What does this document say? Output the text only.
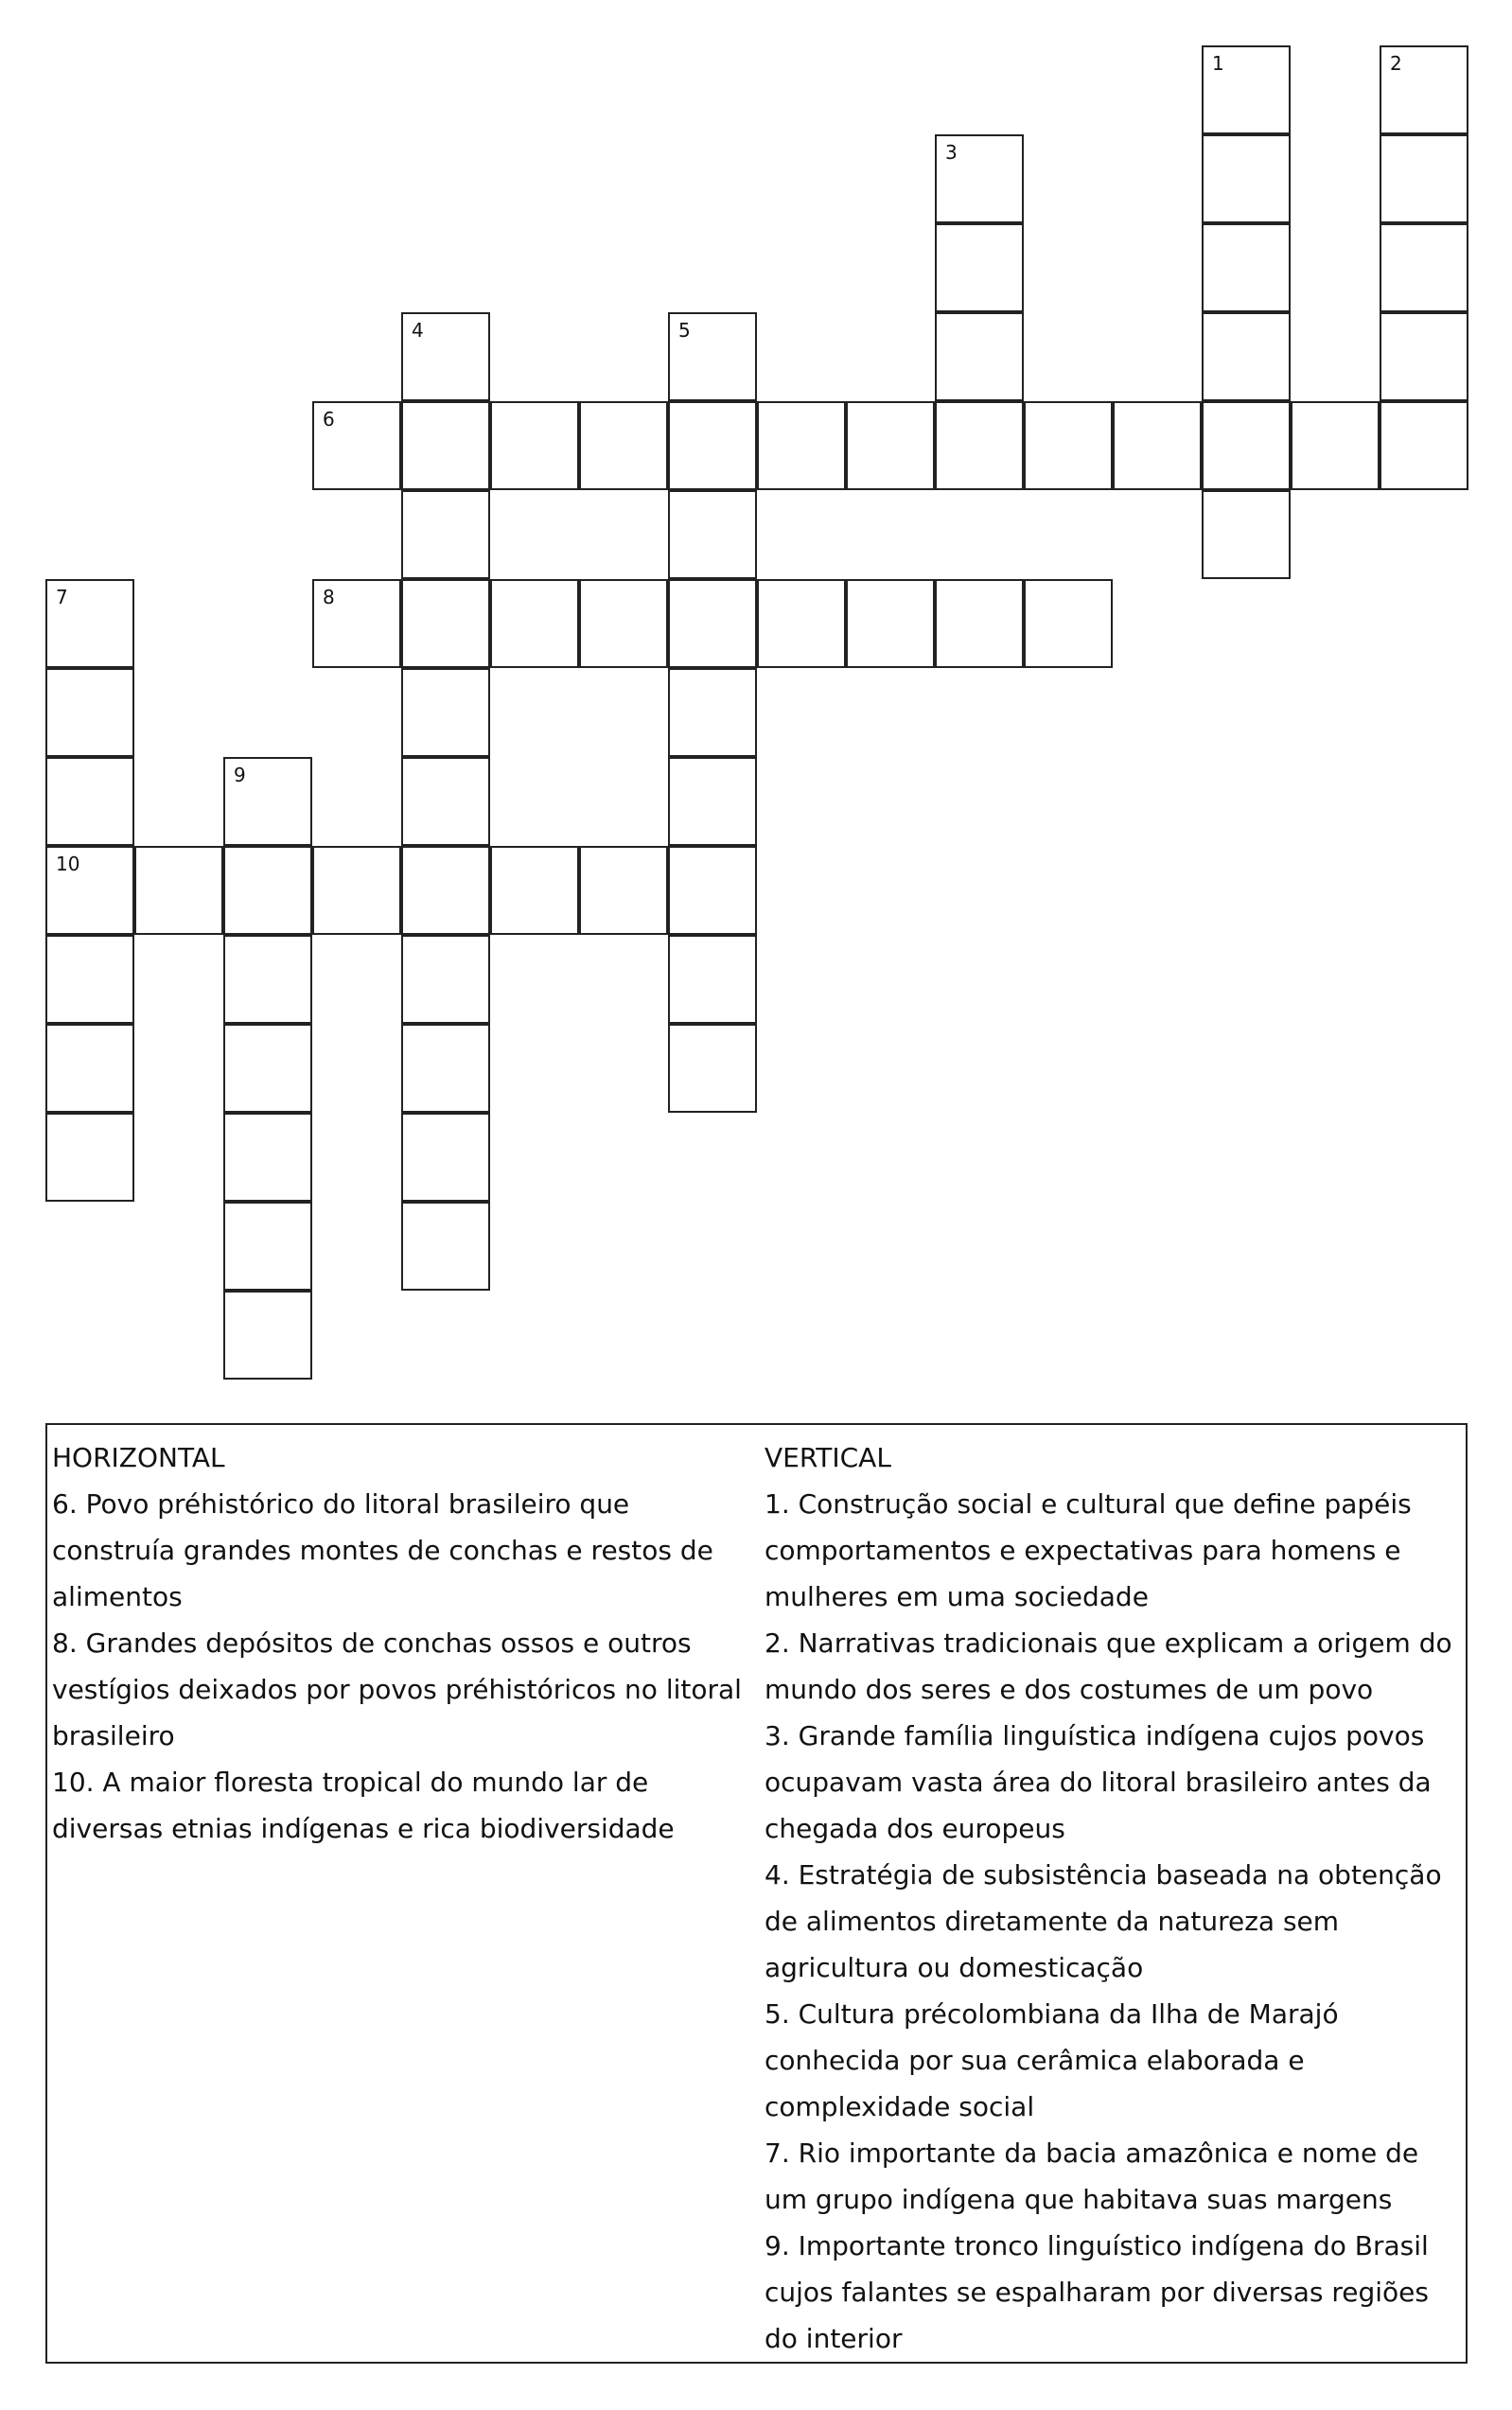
1	2
3
4	5
6
7
10
8
9
HORIZONTAL
6. Povo préhistórico do litoral brasileiro que construía grandes montes de conchas e restos de alimentos
8. Grandes depósitos de conchas ossos e outros vestígios deixados por povos préhistóricos no litoral brasileiro
10. A maior floresta tropical do mundo lar de diversas etnias indígenas e rica biodiversidade
VERTICAL
1. Construção social e cultural que define papéis comportamentos e expectativas para homens e mulheres em uma sociedade
2. Narrativas tradicionais que explicam a origem do mundo dos seres e dos costumes de um povo
3. Grande família linguística indígena cujos povos ocupavam vasta área do litoral brasileiro antes da chegada dos europeus
4. Estratégia de subsistência baseada na obtenção de alimentos diretamente da natureza sem agricultura ou domesticação
5. Cultura précolombiana da Ilha de Marajó conhecida por sua cerâmica elaborada e complexidade social
7. Rio importante da bacia amazônica e nome de um grupo indígena que habitava suas margens
9. Importante tronco linguístico indígena do Brasil cujos falantes se espalharam por diversas regiões do interior
